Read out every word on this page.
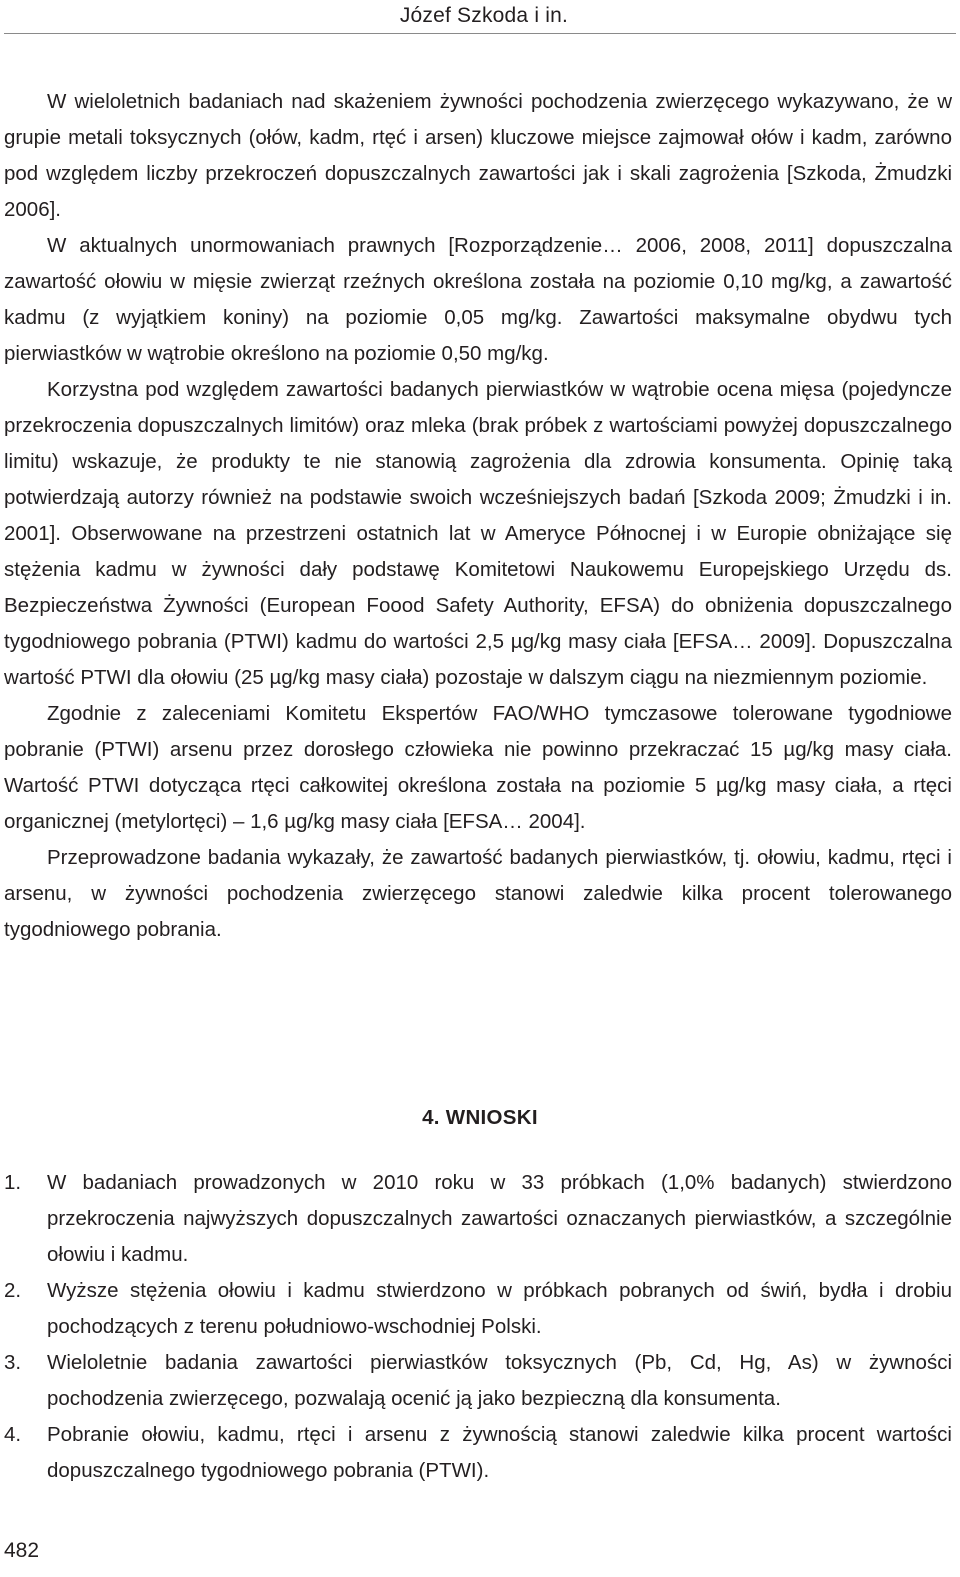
Józef Szkoda i in.

W wieloletnich badaniach nad skażeniem żywności pochodzenia zwierzęcego wykazywano, że w grupie metali toksycznych (ołów, kadm, rtęć i arsen) kluczowe miejsce zajmował ołów i kadm, zarówno pod względem liczby przekroczeń dopuszczalnych zawartości jak i skali zagrożenia [Szkoda, Żmudzki 2006].

W aktualnych unormowaniach prawnych [Rozporządzenie… 2006, 2008, 2011] dopuszczalna zawartość ołowiu w mięsie zwierząt rzeźnych określona została na poziomie 0,10 mg/kg, a zawartość kadmu (z wyjątkiem koniny) na poziomie 0,05 mg/kg. Zawartości maksymalne obydwu tych pierwiastków w wątrobie określono na poziomie 0,50 mg/kg.

Korzystna pod względem zawartości badanych pierwiastków w wątrobie ocena mięsa (pojedyncze przekroczenia dopuszczalnych limitów) oraz mleka (brak próbek z wartościami powyżej dopuszczalnego limitu) wskazuje, że produkty te nie stanowią zagrożenia dla zdrowia konsumenta. Opinię taką potwierdzają autorzy również na podstawie swoich wcześniejszych badań [Szkoda 2009; Żmudzki i in. 2001]. Obserwowane na przestrzeni ostatnich lat w Ameryce Północnej i w Europie obniżające się stężenia kadmu w żywności dały podstawę Komitetowi Naukowemu Europejskiego Urzędu ds. Bezpieczeństwa Żywności (European Foood Safety Authority, EFSA) do obniżenia dopuszczalnego tygodniowego pobrania (PTWI) kadmu do wartości 2,5 µg/kg masy ciała [EFSA… 2009]. Dopuszczalna wartość PTWI dla ołowiu (25 µg/kg masy ciała) pozostaje w dalszym ciągu na niezmiennym poziomie.

Zgodnie z zaleceniami Komitetu Ekspertów FAO/WHO tymczasowe tolerowane tygodniowe pobranie (PTWI) arsenu przez dorosłego człowieka nie powinno przekraczać 15 µg/kg masy ciała. Wartość PTWI dotycząca rtęci całkowitej określona została na poziomie 5 µg/kg masy ciała, a rtęci organicznej (metylortęci) – 1,6 µg/kg masy ciała [EFSA… 2004].

Przeprowadzone badania wykazały, że zawartość badanych pierwiastków, tj. ołowiu, kadmu, rtęci i arsenu, w żywności pochodzenia zwierzęcego stanowi zaledwie kilka procent tolerowanego tygodniowego pobrania.

4. WNIOSKI
1. W badaniach prowadzonych w 2010 roku w 33 próbkach (1,0% badanych) stwierdzono przekroczenia najwyższych dopuszczalnych zawartości oznaczanych pierwiastków, a szczególnie ołowiu i kadmu.
2. Wyższe stężenia ołowiu i kadmu stwierdzono w próbkach pobranych od świń, bydła i drobiu pochodzących z terenu południowo-wschodniej Polski.
3. Wieloletnie badania zawartości pierwiastków toksycznych (Pb, Cd, Hg, As) w żywności pochodzenia zwierzęcego, pozwalają ocenić ją jako bezpieczną dla konsumenta.
4. Pobranie ołowiu, kadmu, rtęci i arsenu z żywnością stanowi zaledwie kilka procent wartości dopuszczalnego tygodniowego pobrania (PTWI).
482
